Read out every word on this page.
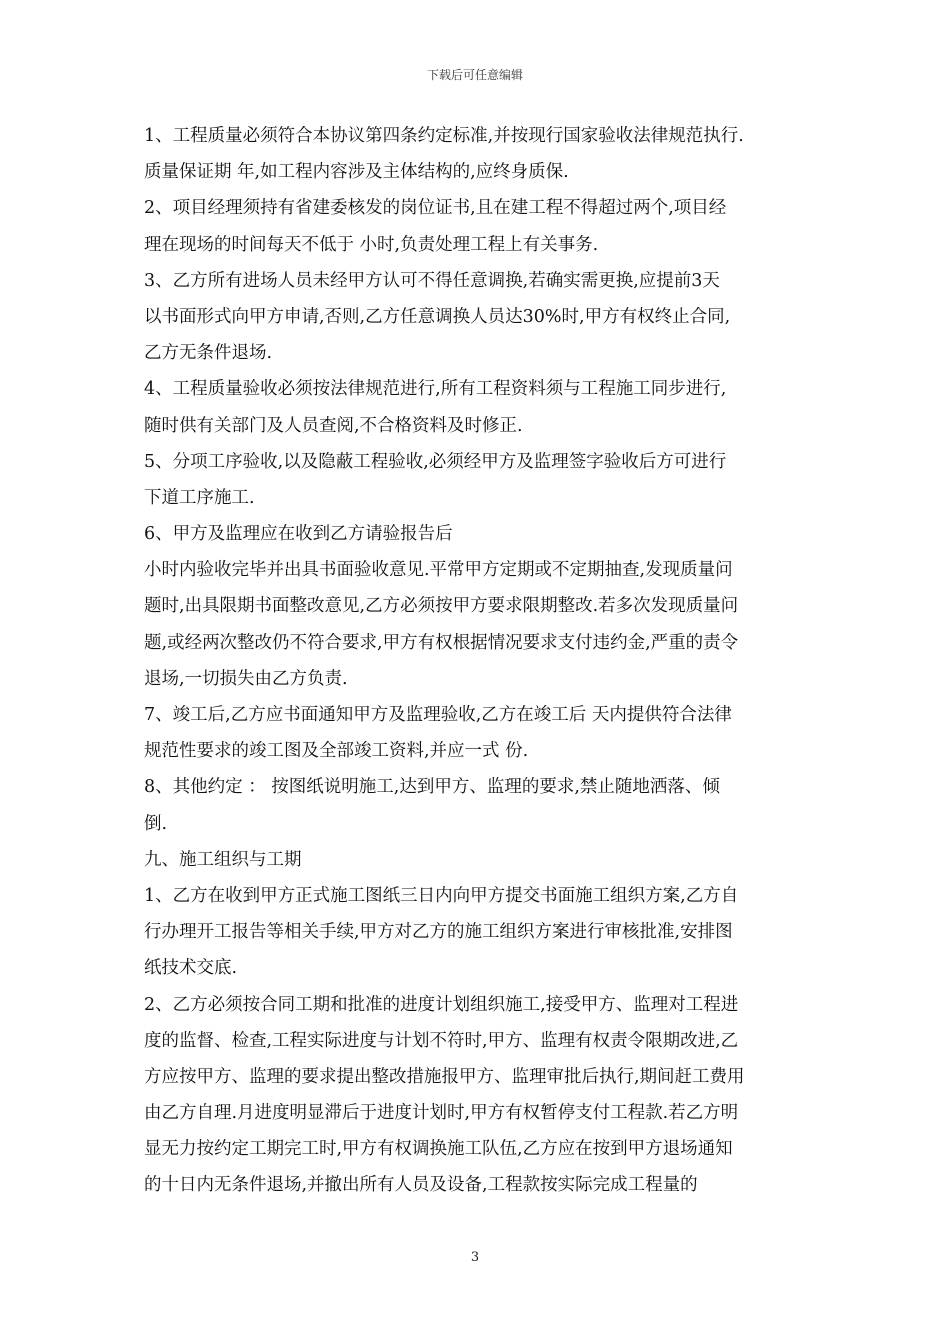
下载后可任意编辑
1、工程质量必须符合本协议第四条约定标准,并按现行国家验收法律规范执行.
质量保证期 年,如工程内容涉及主体结构的,应终身质保.
2、项目经理须持有省建委核发的岗位证书,且在建工程不得超过两个,项目经
理在现场的时间每天不低于 小时,负责处理工程上有关事务.
3、乙方所有进场人员未经甲方认可不得任意调换,若确实需更换,应提前3天
以书面形式向甲方申请,否则,乙方任意调换人员达30%时,甲方有权终止合同,
乙方无条件退场.
4、工程质量验收必须按法律规范进行,所有工程资料须与工程施工同步进行,
随时供有关部门及人员查阅,不合格资料及时修正.
5、分项工序验收,以及隐蔽工程验收,必须经甲方及监理签字验收后方可进行
下道工序施工.
6、甲方及监理应在收到乙方请验报告后
小时内验收完毕并出具书面验收意见.平常甲方定期或不定期抽查,发现质量问
题时,出具限期书面整改意见,乙方必须按甲方要求限期整改.若多次发现质量问
题,或经两次整改仍不符合要求,甲方有权根据情况要求支付违约金,严重的责令
退场,一切损失由乙方负责.
7、竣工后,乙方应书面通知甲方及监理验收,乙方在竣工后 天内提供符合法律
规范性要求的竣工图及全部竣工资料,并应一式 份.
8、其他约定 ： 按图纸说明施工,达到甲方、监理的要求,禁止随地洒落、倾
倒.
九、施工组织与工期
1、乙方在收到甲方正式施工图纸三日内向甲方提交书面施工组织方案,乙方自
行办理开工报告等相关手续,甲方对乙方的施工组织方案进行审核批准,安排图
纸技术交底.
2、乙方必须按合同工期和批准的进度计划组织施工,接受甲方、监理对工程进
度的监督、检查,工程实际进度与计划不符时,甲方、监理有权责令限期改进,乙
方应按甲方、监理的要求提出整改措施报甲方、监理审批后执行,期间赶工费用
由乙方自理.月进度明显滞后于进度计划时,甲方有权暂停支付工程款.若乙方明
显无力按约定工期完工时,甲方有权调换施工队伍,乙方应在按到甲方退场通知
的十日内无条件退场,并撤出所有人员及设备,工程款按实际完成工程量的
3
